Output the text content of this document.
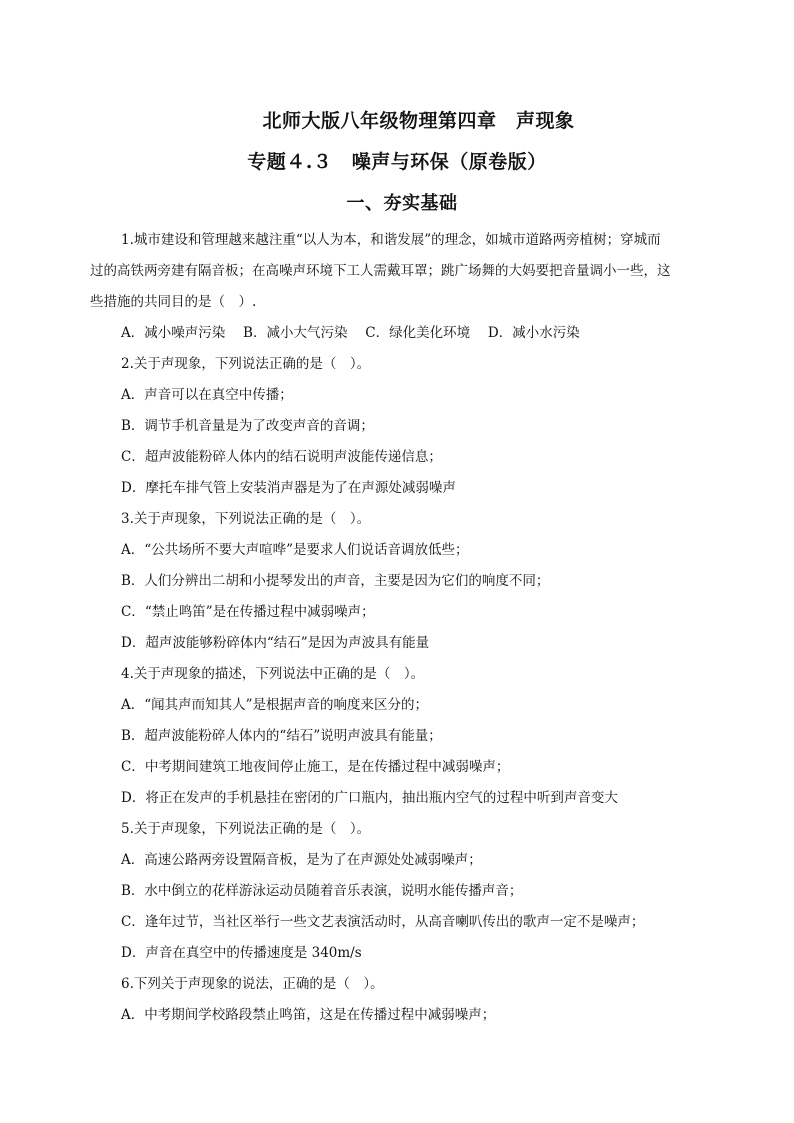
北师大版八年级物理第四章　声现象
专题４.３　噪声与环保（原卷版）
一、夯实基础
1.城市建设和管理越来越注重“以人为本，和谐发展”的理念，如城市道路两旁植树；穿城而
过的高铁两旁建有隔音板；在高噪声环境下工人需戴耳罩；跳广场舞的大妈要把音量调小一些，这
些措施的共同目的是（　）.
A．减小噪声污染　 B．减小大气污染　 C．绿化美化环境　 D．减小水污染
2.关于声现象，下列说法正确的是（　）。
A．声音可以在真空中传播；
B．调节手机音量是为了改变声音的音调；
C．超声波能粉碎人体内的结石说明声波能传递信息；
D．摩托车排气管上安装消声器是为了在声源处减弱噪声
3.关于声现象，下列说法正确的是（　）。
A．“公共场所不要大声喧哗”是要求人们说话音调放低些；
B．人们分辨出二胡和小提琴发出的声音，主要是因为它们的响度不同；
C．“禁止鸣笛”是在传播过程中减弱噪声；
D．超声波能够粉碎体内“结石”是因为声波具有能量
4.关于声现象的描述，下列说法中正确的是（　）。
A．“闻其声而知其人”是根据声音的响度来区分的；
B．超声波能粉碎人体内的“结石”说明声波具有能量；
C．中考期间建筑工地夜间停止施工，是在传播过程中减弱噪声；
D．将正在发声的手机悬挂在密闭的广口瓶内，抽出瓶内空气的过程中听到声音变大
5.关于声现象，下列说法正确的是（　）。
A．高速公路两旁设置隔音板，是为了在声源处处减弱噪声；
B．水中倒立的花样游泳运动员随着音乐表演，说明水能传播声音；
C．逢年过节，当社区举行一些文艺表演活动时，从高音喇叭传出的歌声一定不是噪声；
D．声音在真空中的传播速度是 340m/s
6.下列关于声现象的说法，正确的是（　）。
A．中考期间学校路段禁止鸣笛，这是在传播过程中减弱噪声；
